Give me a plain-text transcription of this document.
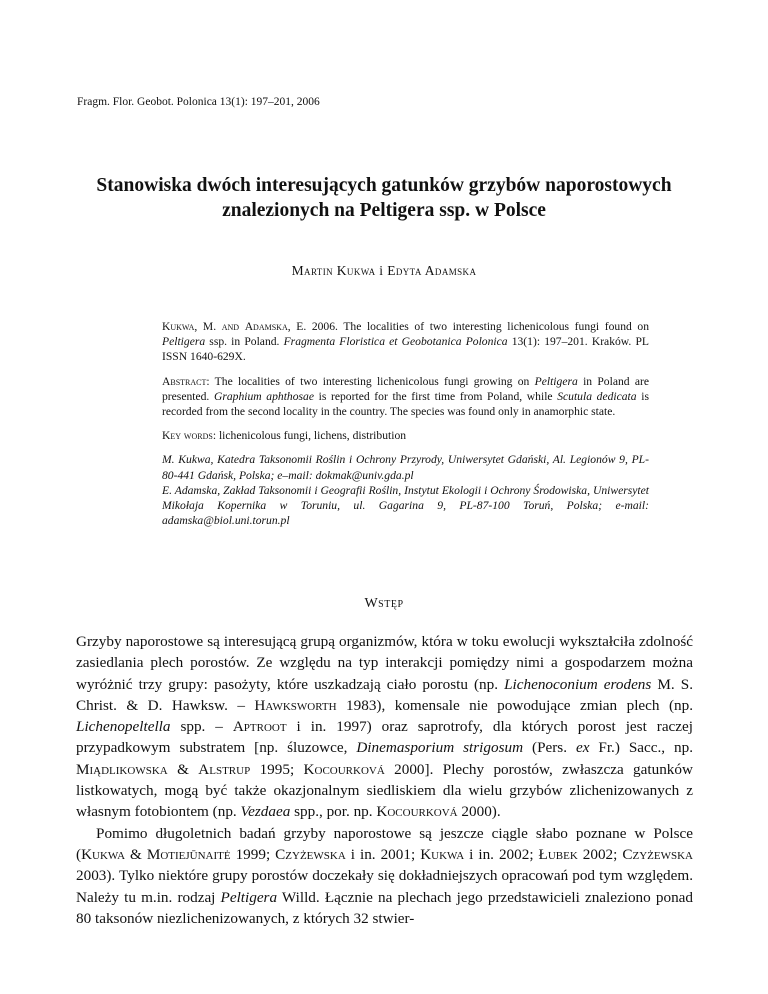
Fragm. Flor. Geobot. Polonica 13(1): 197–201, 2006
Stanowiska dwóch interesujących gatunków grzybów naporostowych
znalezionych na Peltigera ssp. w Polsce
Martin Kukwa i Edyta Adamska

Kukwa, M. and Adamska, E. 2006. The localities of two interesting lichenicolous fungi found on Peltigera ssp. in Poland. Fragmenta Floristica et Geobotanica Polonica 13(1): 197–201. Kraków. PL ISSN 1640-629X.

Abstract: The localities of two interesting lichenicolous fungi growing on Peltigera in Poland are presented. Graphium aphthosae is reported for the first time from Poland, while Scutula dedicata is recorded from the second locality in the country. The species was found only in anamorphic state.

Key words: lichenicolous fungi, lichens, distribution

M. Kukwa, Katedra Taksonomii Roślin i Ochrony Przyrody, Uniwersytet Gdański, Al. Legionów 9, PL-80-441 Gdańsk, Polska; e–mail: dokmak@univ.gda.pl

E. Adamska, Zakład Taksonomii i Geografii Roślin, Instytut Ekologii i Ochrony Środowiska, Uniwersytet Mikołaja Kopernika w Toruniu, ul. Gagarina 9, PL-87-100 Toruń, Polska; e-mail: adamska@biol.uni.torun.pl

Wstęp

Grzyby naporostowe są interesującą grupą organizmów, która w toku ewolucji wykształciła zdolność zasiedlania plech porostów. Ze względu na typ interakcji pomiędzy nimi a gospodarzem można wyróżnić trzy grupy: pasożyty, które uszkadzają ciało porostu (np. Lichenoconium erodens M. S. Christ. & D. Hawksw. – Hawksworth 1983), komensale nie powodujące zmian plech (np. Lichenopeltella spp. – Aptroot i in. 1997) oraz saprotrofy, dla których porost jest raczej przypadkowym substratem [np. śluzowce, Dinemasporium strigosum (Pers. ex Fr.) Sacc., np. Miądlikowska & Alstrup 1995; Kocourková 2000]. Plechy porostów, zwłaszcza gatunków listkowatych, mogą być także okazjonalnym siedliskiem dla wielu grzybów zlichenizowanych z własnym fotobiontem (np. Vezdaea spp., por. np. Kocourková 2000).

Pomimo długoletnich badań grzyby naporostowe są jeszcze ciągle słabo poznane w Polsce (Kukwa & Motiejūnaitė 1999; Czyżewska i in. 2001; Kukwa i in. 2002; Łubek 2002; Czyżewska 2003). Tylko niektóre grupy porostów doczekały się dokładniejszych opracowań pod tym względem. Należy tu m.in. rodzaj Peltigera Willd. Łącznie na plechach jego przedstawicieli znaleziono ponad 80 taksonów niezlichenizowanych, z których 32 stwier-
